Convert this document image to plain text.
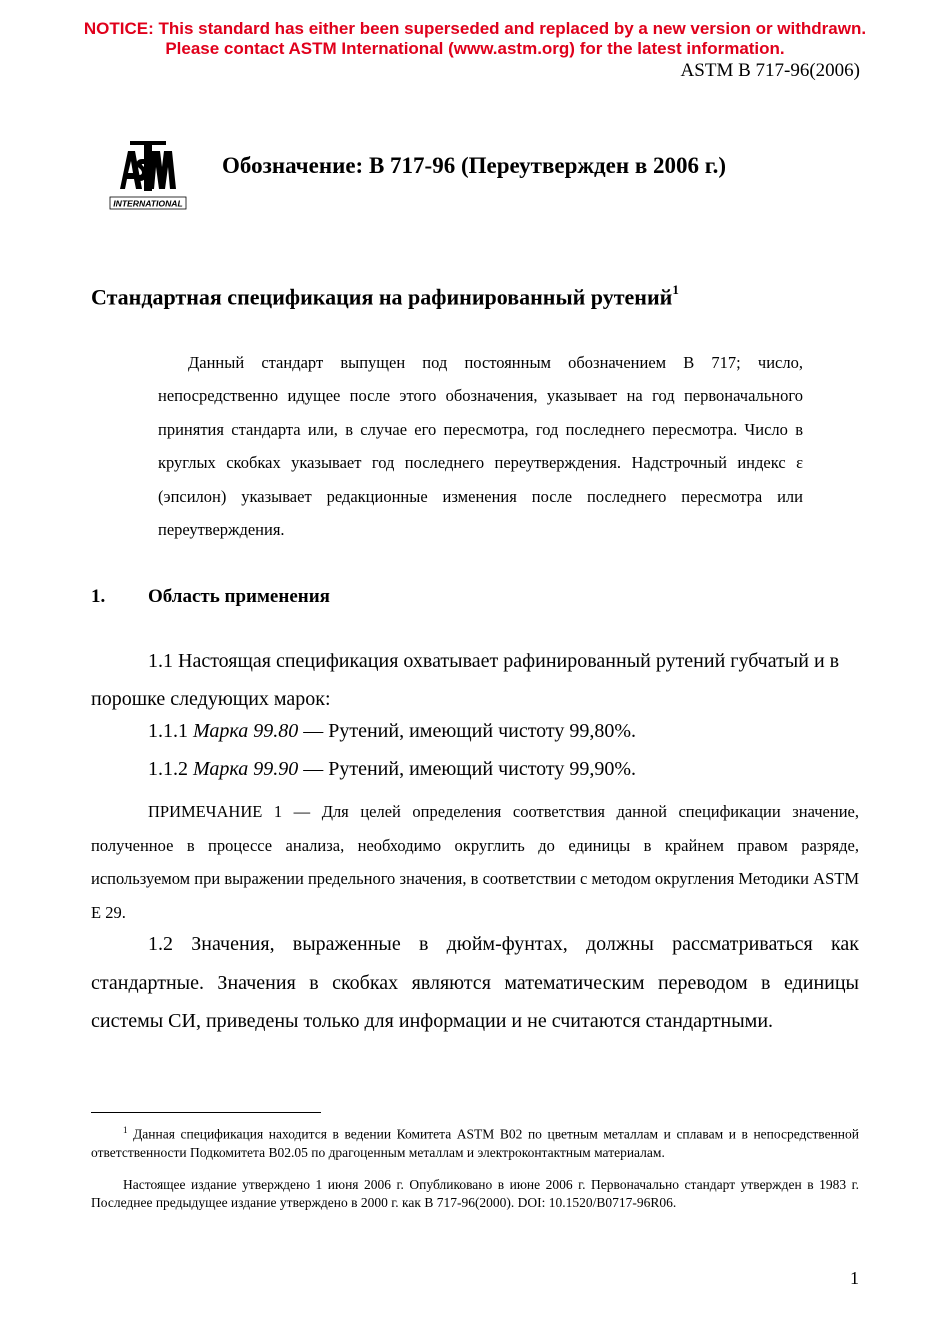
NOTICE: This standard has either been superseded and replaced by a new version or withdrawn.
Please contact ASTM International (www.astm.org) for the latest information.
ASTM B 717-96(2006)
INTERNATIONAL
Обозначение: B 717-96 (Переутвержден в 2006 г.)
Стандартная спецификация на рафинированный рутений$^1$

Данный стандарт выпущен под постоянным обозначением B 717; число, непосредственно идущее после этого обозначения, указывает на год первоначального принятия стандарта или, в случае его пересмотра, год последнего пересмотра. Число в круглых скобках указывает год последнего переутверждения. Надстрочный индекс ε (эпсилон) указывает редакционные изменения после последнего пересмотра или переутверждения.

1. Область применения

1.1 Настоящая спецификация охватывает рафинированный рутений губчатый и в порошке следующих марок:

1.1.1 Марка 99.80 — Рутений, имеющий чистоту 99,80%.
1.1.2 Марка 99.90 — Рутений, имеющий чистоту 99,90%.

ПРИМЕЧАНИЕ 1 — Для целей определения соответствия данной спецификации значение, полученное в процессе анализа, необходимо округлить до единицы в крайнем правом разряде, используемом при выражении предельного значения, в соответствии с методом округления Методики ASTM E 29.

1.2 Значения, выраженные в дюйм-фунтах, должны рассматриваться как стандартные. Значения в скобках являются математическим переводом в единицы системы СИ, приведены только для информации и не считаются стандартными.

$^1$ Данная спецификация находится в ведении Комитета ASTM B02 по цветным металлам и сплавам и в непосредственной ответственности Подкомитета B02.05 по драгоценным металлам и электроконтактным материалам.

Настоящее издание утверждено 1 июня 2006 г. Опубликовано в июне 2006 г. Первоначально стандарт утвержден в 1983 г. Последнее предыдущее издание утверждено в 2000 г. как B 717-96(2000). DOI: 10.1520/B0717-96R06.

1
